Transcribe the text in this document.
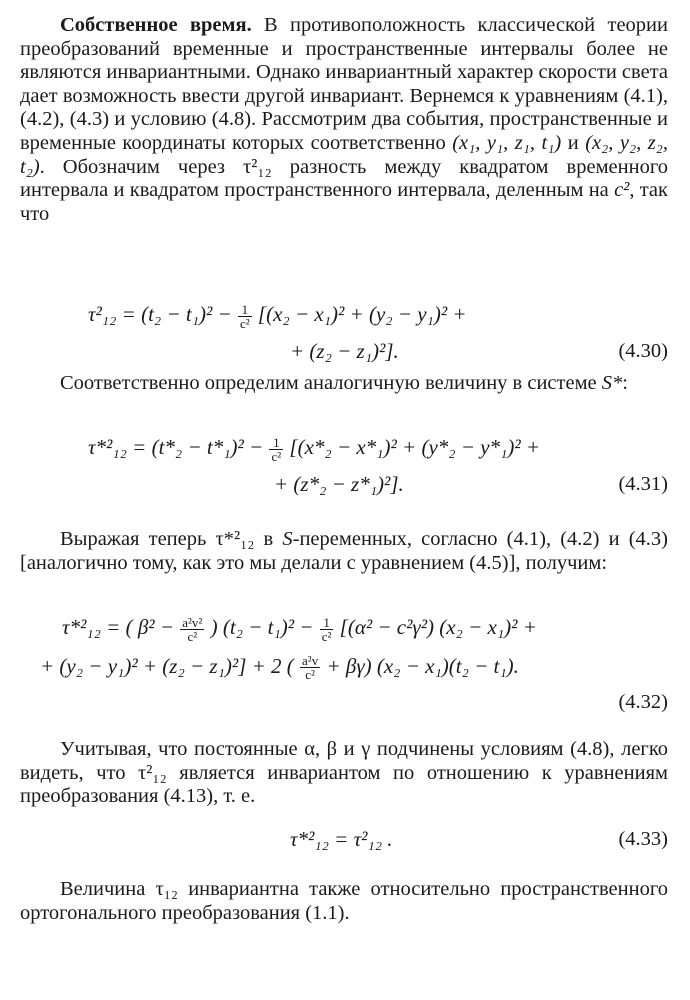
Собственное время. В противоположность классической теории преобразований временные и пространственные интервалы более не являются инвариантными. Однако инвариантный характер скорости света дает возможность ввести другой инвариант. Вернемся к уравнениям (4.1), (4.2), (4.3) и условию (4.8). Рассмотрим два события, пространственные и временные координаты которых соответственно (x₁, y₁, z₁, t₁) и (x₂, y₂, z₂, t₂). Обозначим через τ²₁₂ разность между квадратом временного интервала и квадратом пространственного интервала, деленным на c², так что

$\tau^2_{12} = (t_2 - t_1)^2 - \frac{1}{\text{c²}} [(x_2 - x_1)^2 + (y_2 - y_1)^2$ +
+ (z₂ − z₁)²].	(4.30)

Соответственно определим аналогичную величину в системе S*:

$\tau*^2_{12} = (t*_2 - t*_1)^2 - \frac{1}{\text{c²}} [(x*_2 - x*_1)^2 + (y*_2 - y*_1)^2$ +
+ (z*₂ − z*₁)²].	(4.31)

Выражая теперь τ*²₁₂ в S-переменных, согласно (4.1), (4.2) и (4.3) [аналогично тому, как это мы делали с уравнением (4.5)], получим:

τ*²₁₂ = ( $\beta^2 - \frac{\text{a²v²}}{\text{c²}}$ ) $(t_2 - t_1)^2 - \frac{1}{\text{c²}} [(\alpha^2 - c^2\gamma^2) (x_2 - x_1)^2$ +
+ (y₂ − y₁)² + (z₂ − z₁)²] + 2 ( $\frac{\text{a²v}}{\text{c²}} + \beta\gamma$) (x₂ − x₁)(t₂ − t₁).
(4.32)

Учитывая, что постоянные α, β и γ подчинены условиям (4.8), легко видеть, что τ²₁₂ является инвариантом по отношению к уравнениям преобразования (4.13), т. е.

τ*²₁₂ = τ²₁₂ .	(4.33)

Величина τ₁₂ инвариантна также относительно пространственного ортогонального преобразования (1.1).
